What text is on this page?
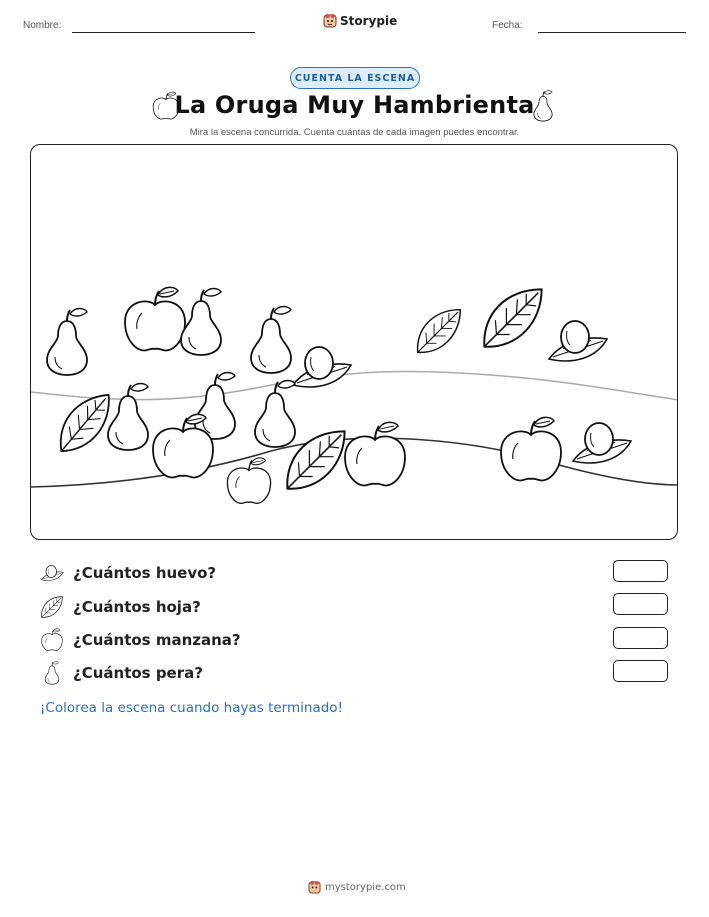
Nombre:	Storypie	Fecha:
CUENTA LA ESCENA
La Oruga Muy Hambrienta
Mira la escena concurrida. Cuenta cuántas de cada imagen puedes encontrar.
¿Cuántos huevo?
¿Cuántos hoja?
¿Cuántos manzana?
¿Cuántos pera?
¡Colorea la escena cuando hayas terminado!
mystorypie.com
